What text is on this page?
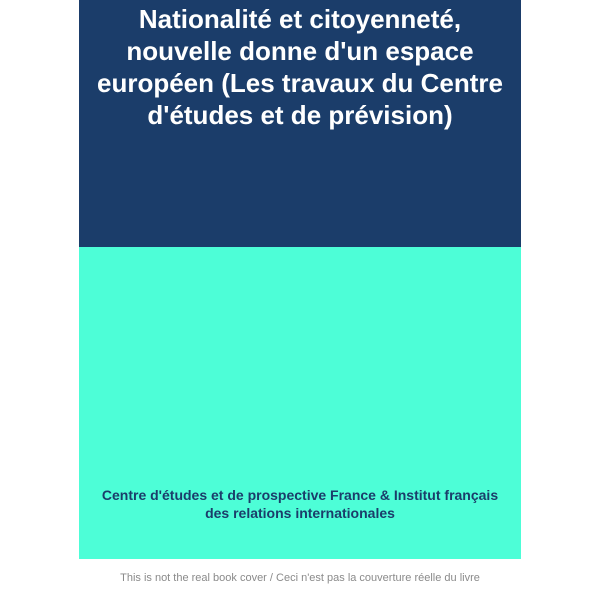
Nationalité et citoyenneté, nouvelle donne d'un espace européen (Les travaux du Centre d'études et de prévision)

Centre d'études et de prospective France & Institut français des relations internationales

This is not the real book cover / Ceci n'est pas la couverture réelle du livre
